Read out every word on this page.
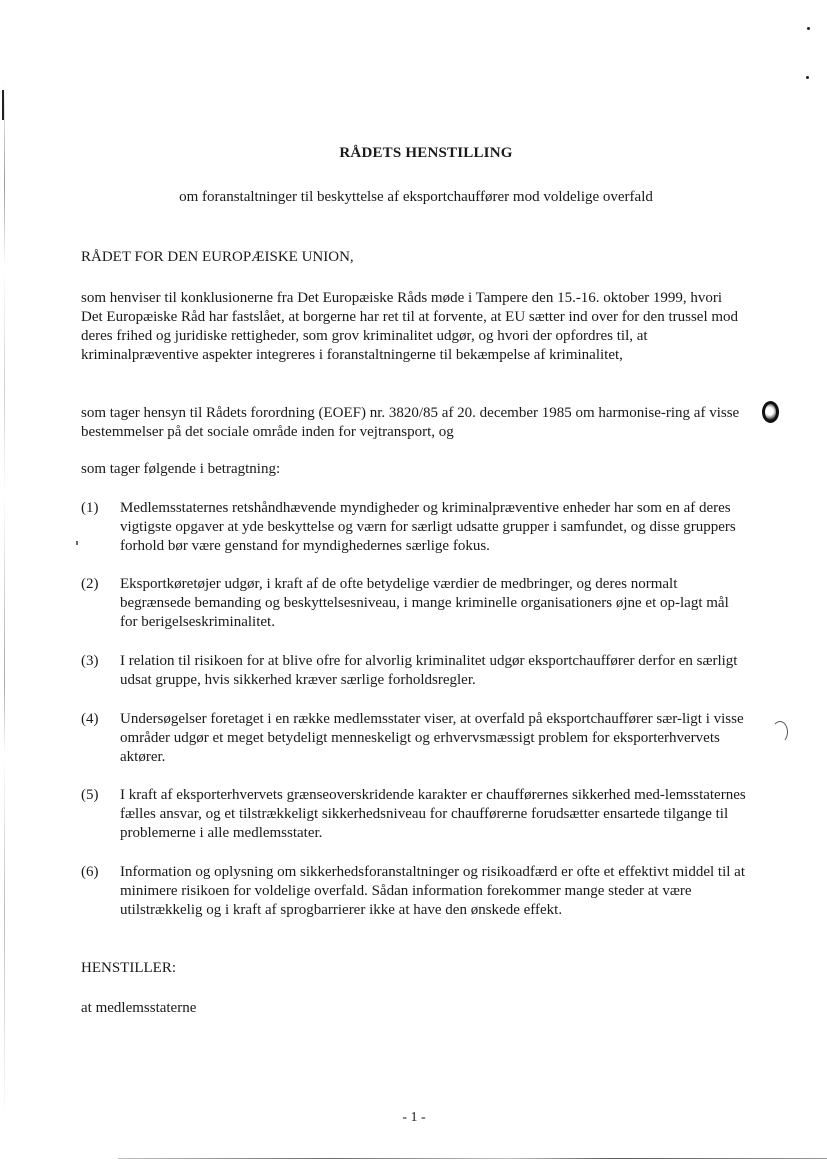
RÅDETS HENSTILLING
om foranstaltninger til beskyttelse af eksportchauffører mod voldelige overfald
RÅDET FOR DEN EUROPÆISKE UNION,
som henviser til konklusionerne fra Det Europæiske Råds møde i Tampere den 15.-16. oktober 1999, hvori Det Europæiske Råd har fastslået, at borgerne har ret til at forvente, at EU sætter ind over for den trussel mod deres frihed og juridiske rettigheder, som grov kriminalitet udgør, og hvori der opfordres til, at kriminalpræventive aspekter integreres i foranstaltningerne til bekæmpelse af kriminalitet,
som tager hensyn til Rådets forordning (EOEF) nr. 3820/85 af 20. december 1985 om harmonise-ring af visse bestemmelser på det sociale område inden for vejtransport, og
som tager følgende i betragtning:
(1)	Medlemsstaternes retshåndhævende myndigheder og kriminalpræventive enheder har som en af deres vigtigste opgaver at yde beskyttelse og værn for særligt udsatte grupper i samfundet, og disse gruppers forhold bør være genstand for myndighedernes særlige fokus.
(2)	Eksportkøretøjer udgør, i kraft af de ofte betydelige værdier de medbringer, og deres normalt begrænsede bemanding og beskyttelsesniveau, i mange kriminelle organisationers øjne et op-lagt mål for berigelseskriminalitet.
(3)	I relation til risikoen for at blive ofre for alvorlig kriminalitet udgør eksportchauffører derfor en særligt udsat gruppe, hvis sikkerhed kræver særlige forholdsregler.
(4)	Undersøgelser foretaget i en række medlemsstater viser, at overfald på eksportchauffører sær-ligt i visse områder udgør et meget betydeligt menneskeligt og erhvervsmæssigt problem for eksporterhvervets aktører.
(5)	I kraft af eksporterhvervets grænseoverskridende karakter er chaufførernes sikkerhed med-lemsstaternes fælles ansvar, og et tilstrækkeligt sikkerhedsniveau for chaufførerne forudsætter ensartede tilgange til problemerne i alle medlemsstater.
(6)	Information og oplysning om sikkerhedsforanstaltninger og risikoadfærd er ofte et effektivt middel til at minimere risikoen for voldelige overfald. Sådan information forekommer mange steder at være utilstrækkelig og i kraft af sprogbarrierer ikke at have den ønskede effekt.
HENSTILLER:
at medlemsstaterne
- 1 -
